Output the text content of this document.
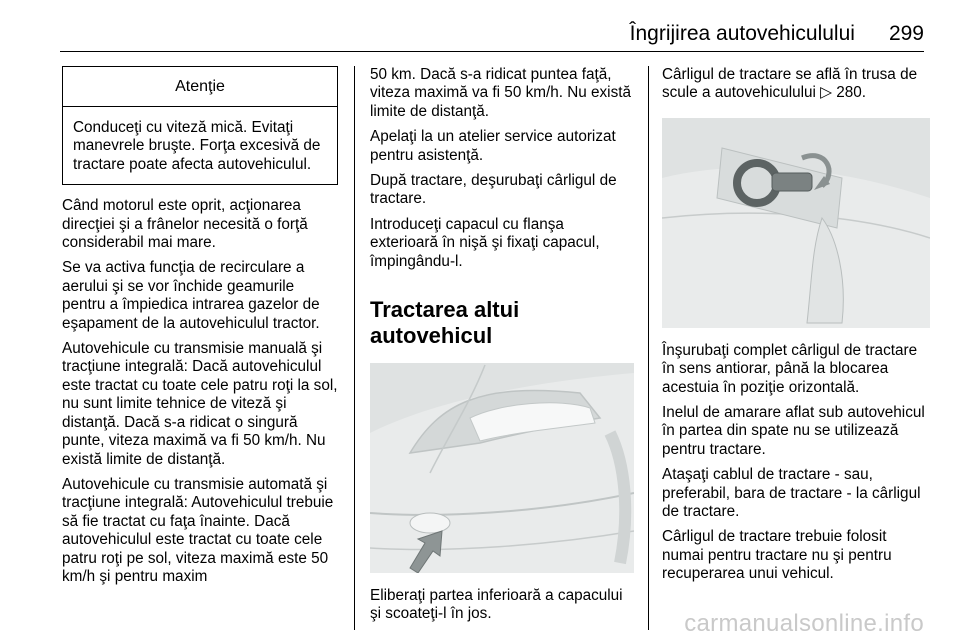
Îngrijirea autovehiculului 299
Atenţie
Conduceţi cu viteză mică. Evitaţi manevrele bruşte. Forţa excesivă de tractare poate afecta autovehiculul.

Când motorul este oprit, acţionarea direcţiei şi a frânelor necesită o forţă considerabil mai mare.

Se va activa funcţia de recirculare a aerului şi se vor închide geamurile pentru a împiedica intrarea gazelor de eşapament de la autovehiculul tractor.

Autovehicule cu transmisie manuală şi tracţiune integrală: Dacă autovehiculul este tractat cu toate cele patru roţi la sol, nu sunt limite tehnice de viteză şi distanţă. Dacă s-a ridicat o singură punte, viteza maximă va fi 50 km/h. Nu există limite de distanţă.

Autovehicule cu transmisie automată şi tracţiune integrală: Autovehiculul trebuie să fie tractat cu faţa înainte. Dacă autovehiculul este tractat cu toate cele patru roţi pe sol, viteza maximă este 50 km/h şi pentru maxim

50 km. Dacă s-a ridicat puntea faţă, viteza maximă va fi 50 km/h. Nu există limite de distanţă.

Apelaţi la un atelier service autorizat pentru asistenţă.

După tractare, deşurubaţi cârligul de tractare.

Introduceţi capacul cu flanşa exterioară în nişă şi fixaţi capacul, împingându-l.

Tractarea altui autovehicul

Eliberaţi partea inferioară a capacului şi scoateţi-l în jos.

Cârligul de tractare se află în trusa de scule a autovehiculului ▷ 280.

Înşurubaţi complet cârligul de tractare în sens antiorar, până la blocarea acestuia în poziţie orizontală.

Inelul de amarare aflat sub autovehicul în partea din spate nu se utilizează pentru tractare.

Ataşaţi cablul de tractare - sau, preferabil, bara de tractare - la cârligul de tractare.

Cârligul de tractare trebuie folosit numai pentru tractare nu şi pentru recuperarea unui vehicul.

carmanualsonline.info
